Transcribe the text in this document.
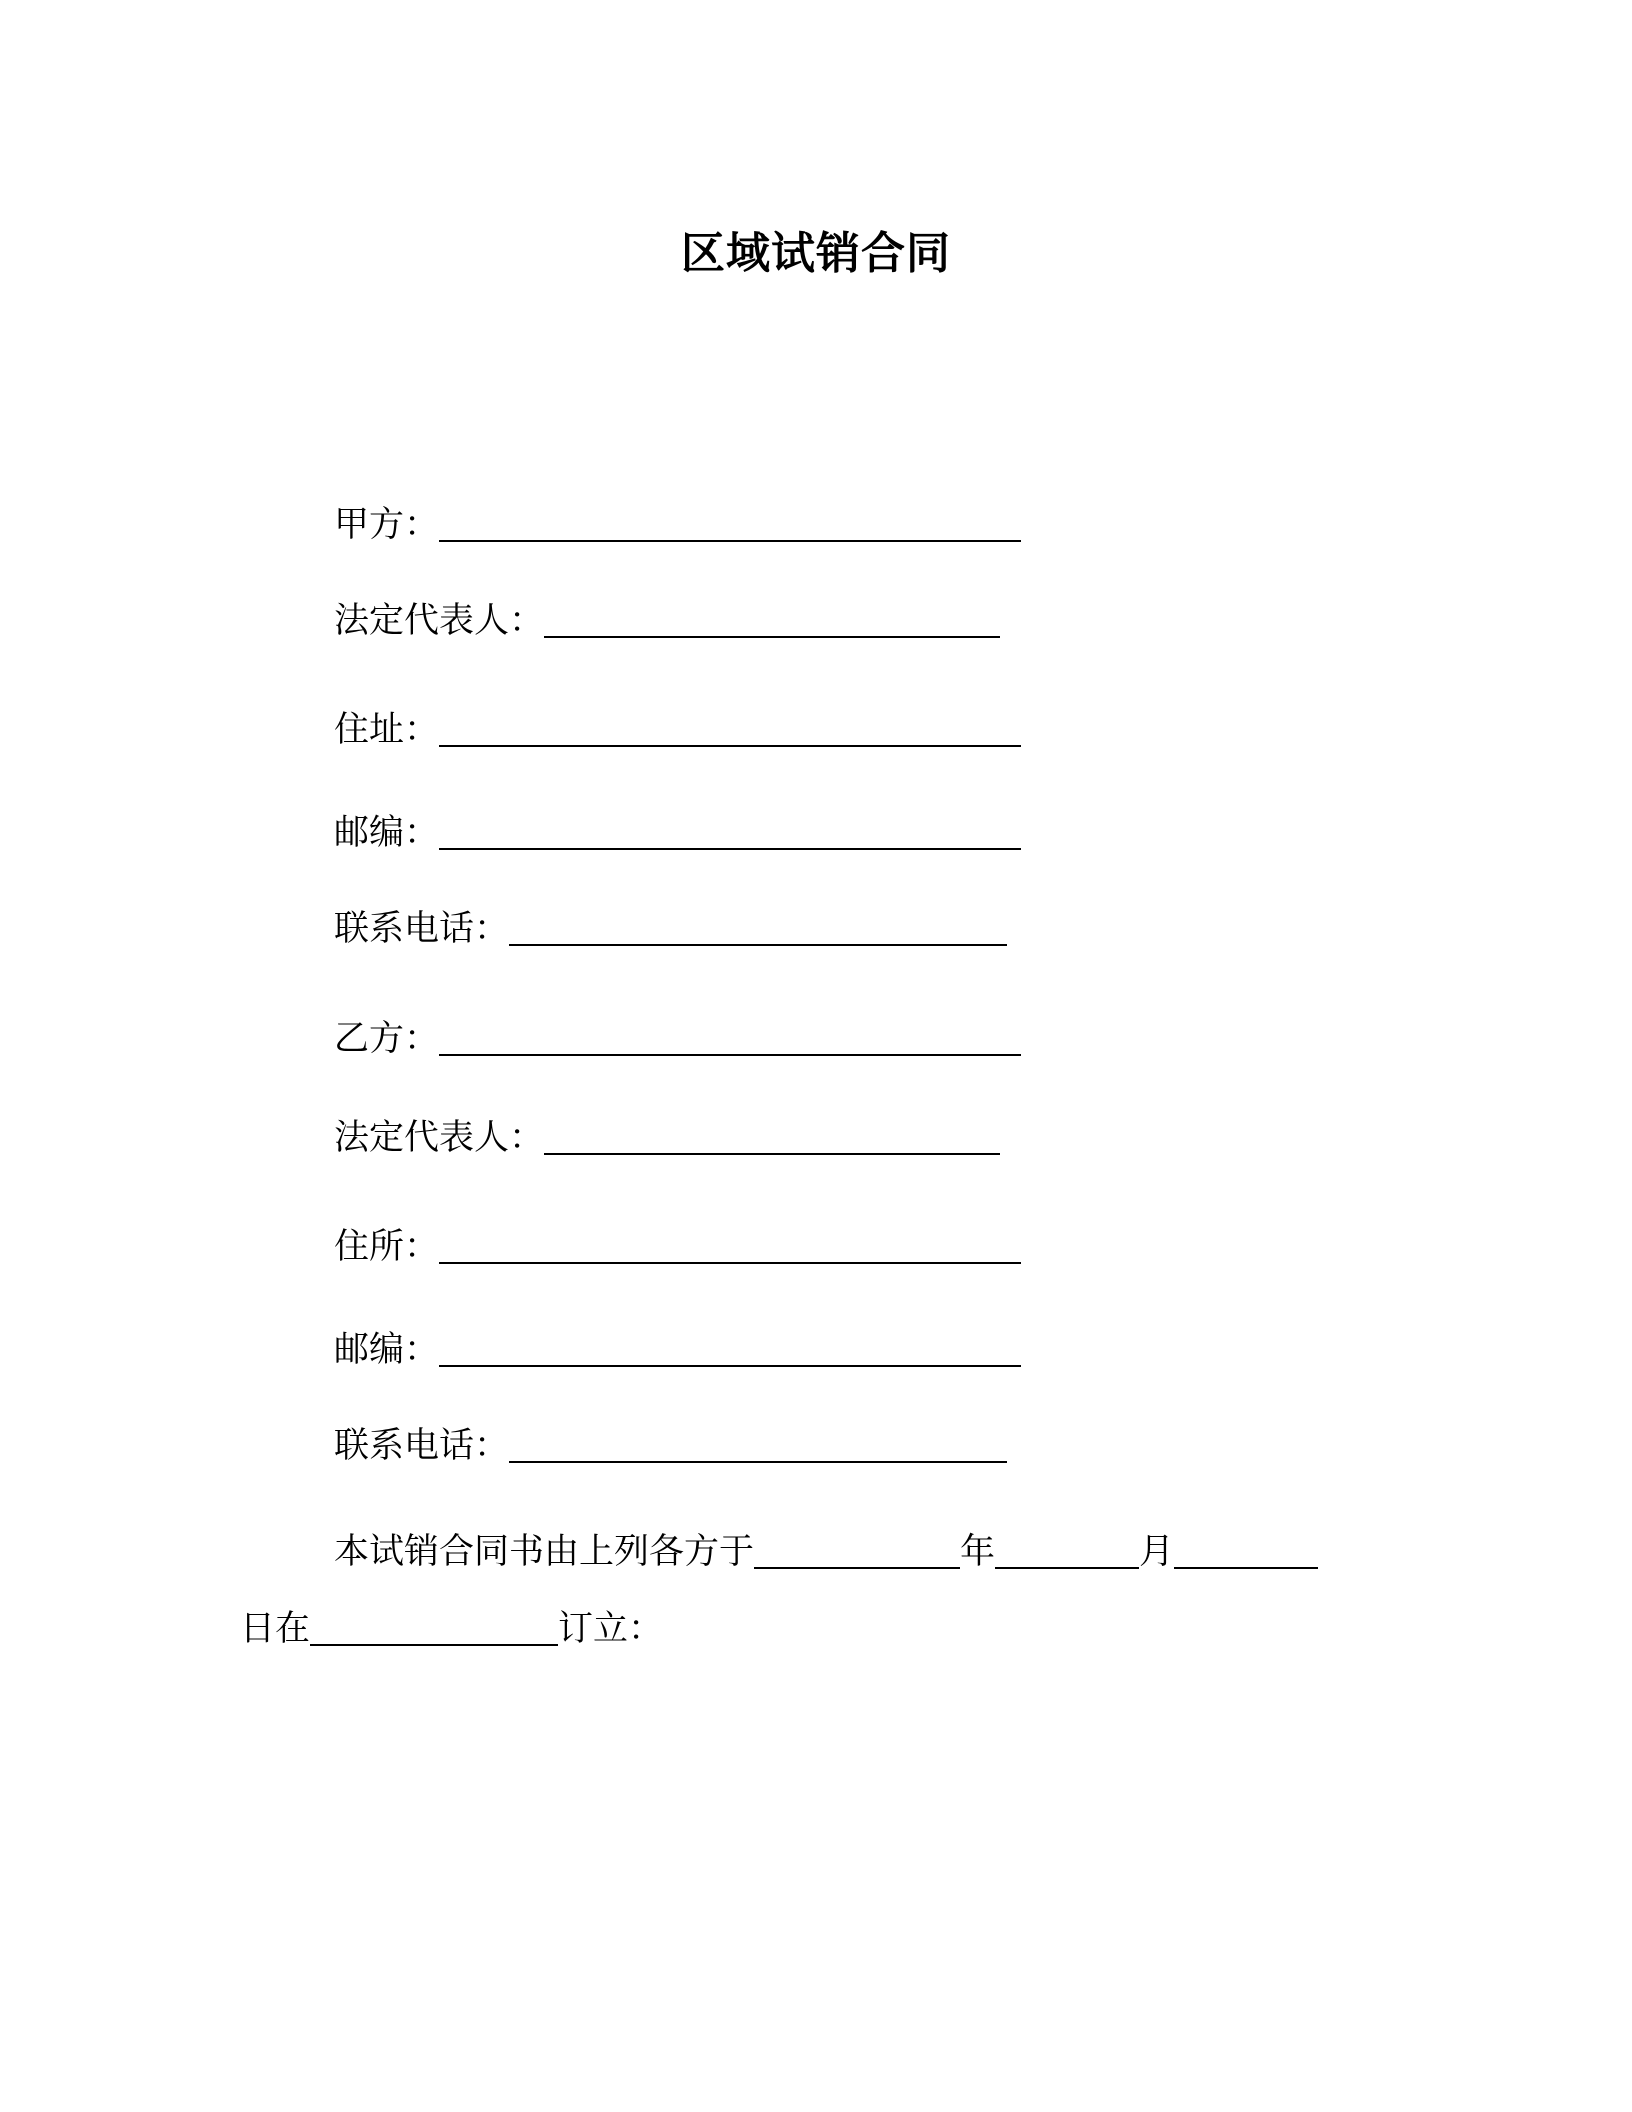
区域试销合同
甲方：
法定代表人：
住址：
邮编：
联系电话：
乙方：
法定代表人：
住所：
邮编：
联系电话：
本试销合同书由上列各方于	年	月
日在	订立：
